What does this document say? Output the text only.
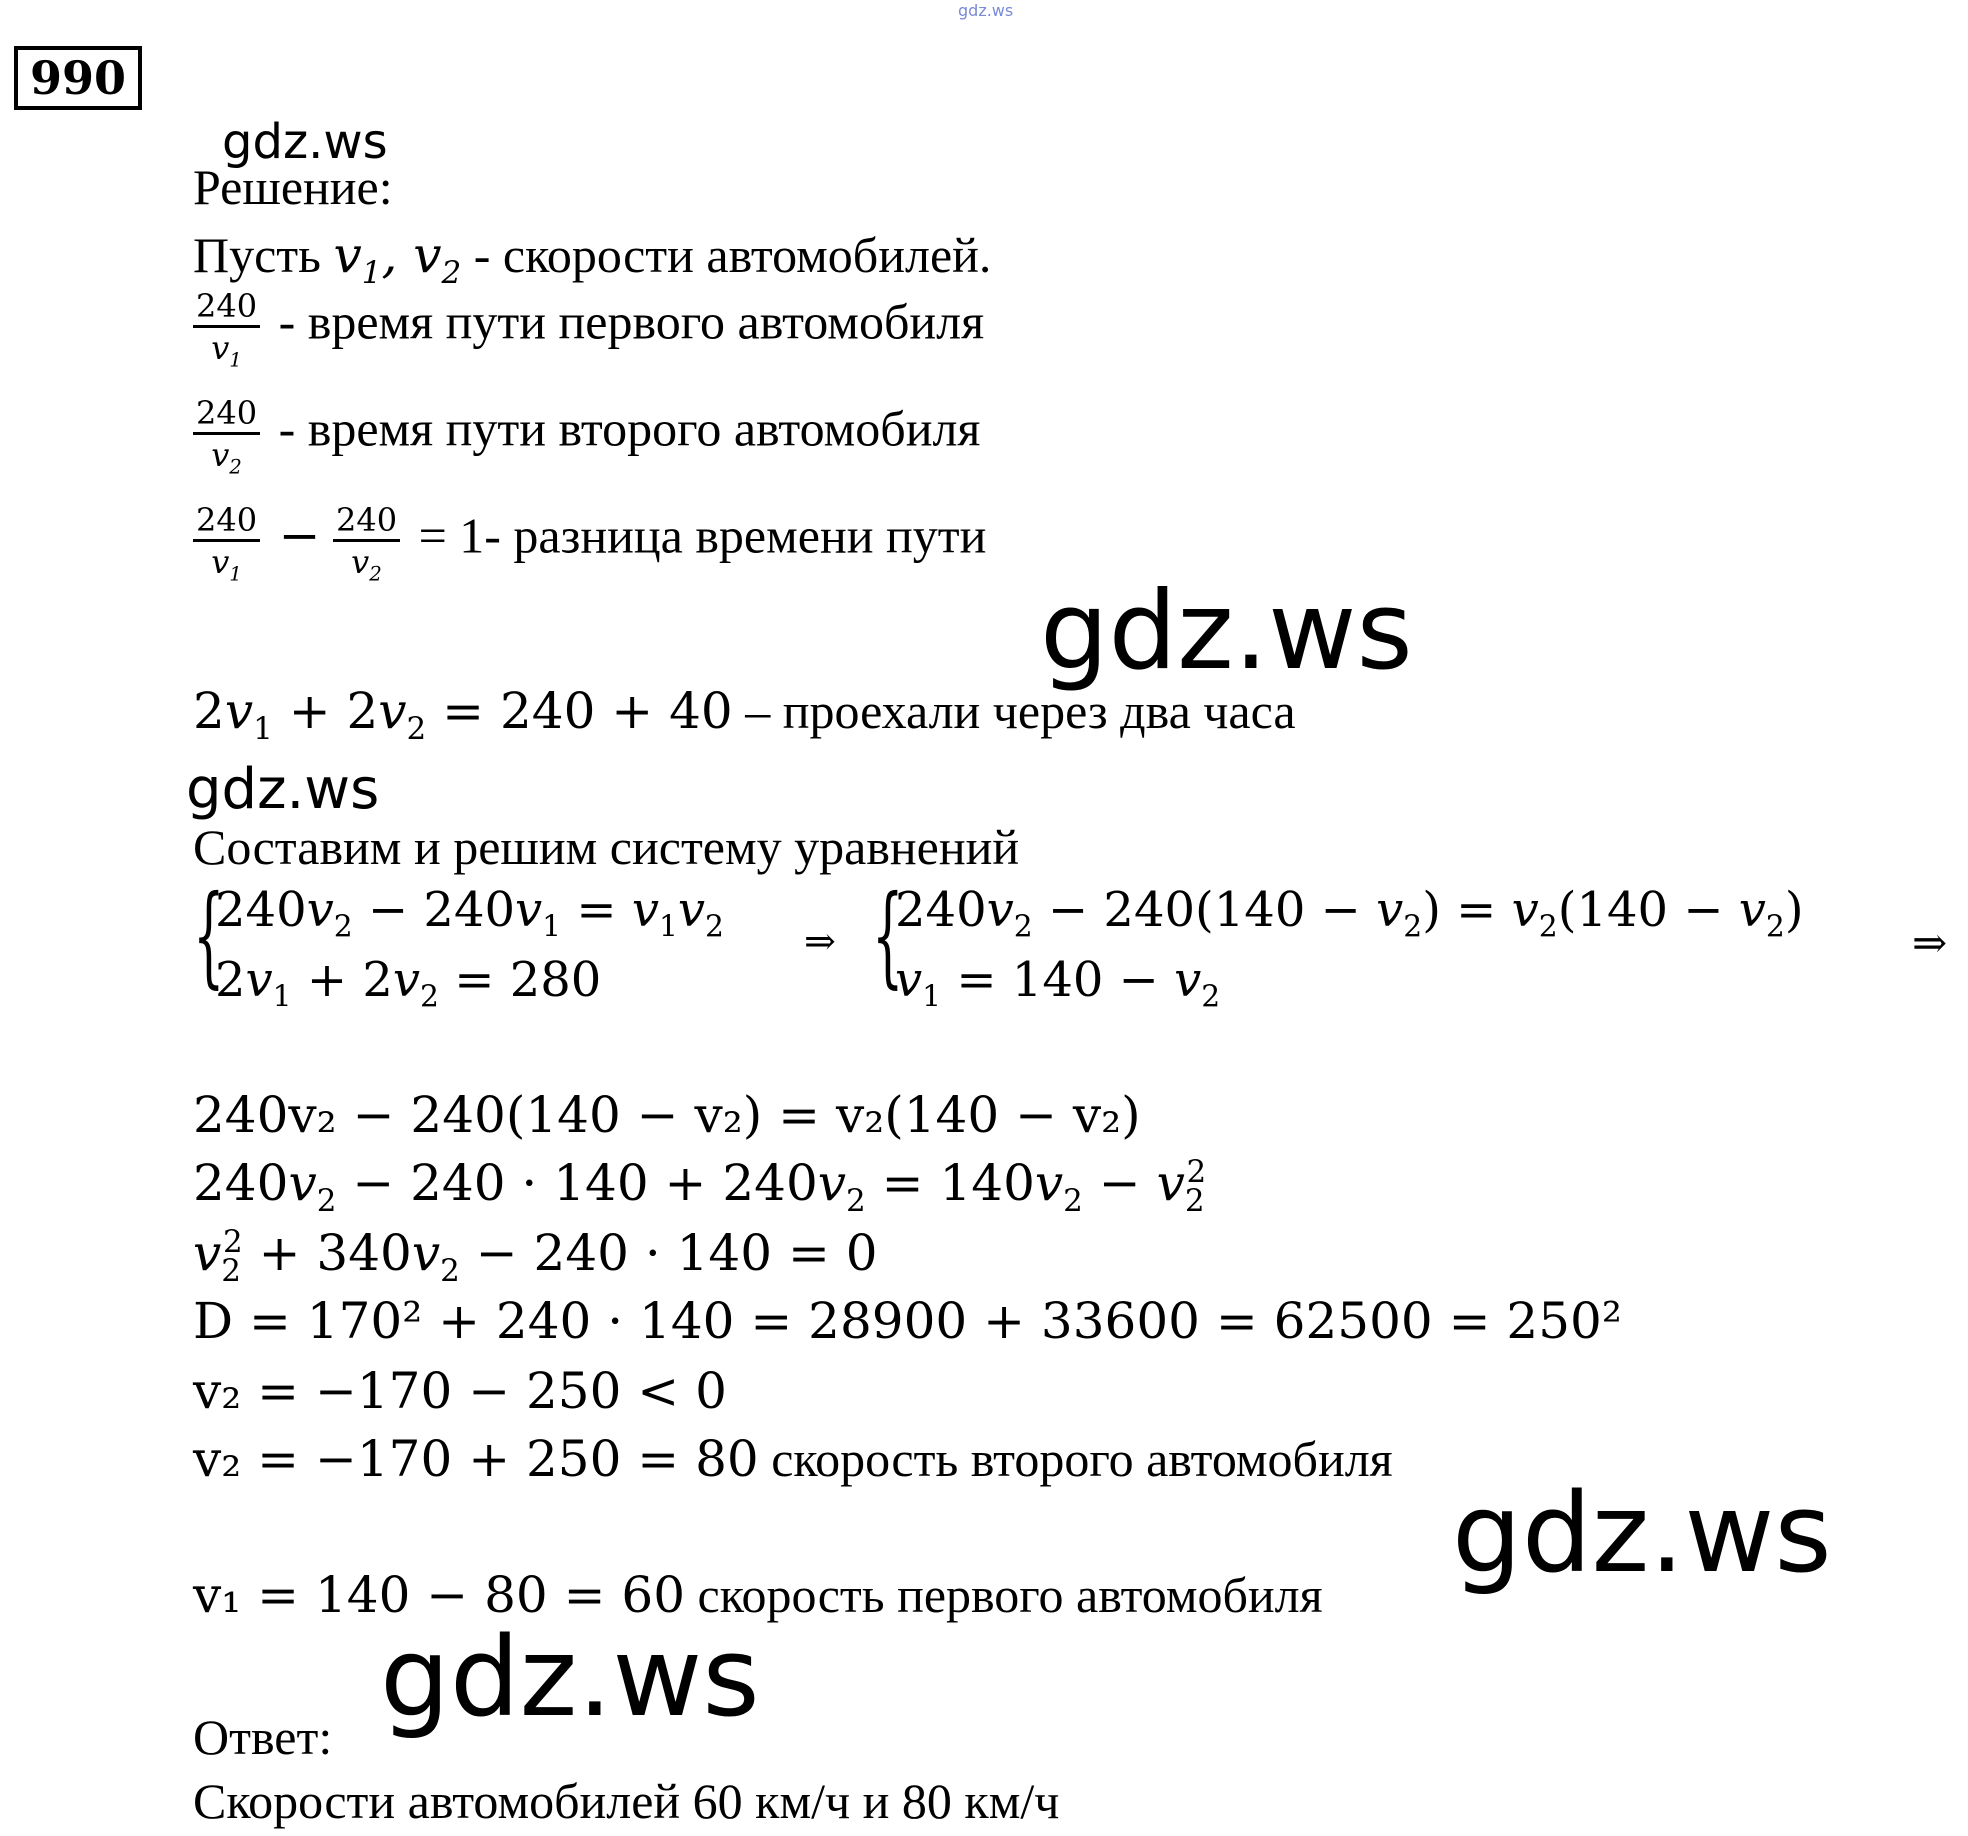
gdz.ws
990
gdz.ws
Решение:
Пусть $v_1$, $v_2$ - скорости автомобилей.
$\frac{240}{v_1}$ - время пути первого автомобиля
$\frac{240}{v_2}$ - время пути второго автомобиля
$\frac{240}{v_1} - \frac{240}{v_2} = 1-$ разница времени пути
gdz.ws
$2v_1 + 2v_2 = 240 + 40$ – проехали через два часа
gdz.ws
Составим и решим систему уравнений
{
$240v_2 - 240v_1 = v_1v_2$
$2v_1 + 2v_2 = 280$
⇒ {
$240v_2 - 240(140 - v_2) = v_2(140 - v_2)$
$v_1 = 140 - v_2$
⇒
240v₂ − 240(140 − v₂) = v₂(140 − v₂)
$240v_2 - 240 \cdot 140 + 240v_2 = 140v_2 - v_2^2$
$v_2^2 + 340v_2 - 240 \cdot 140 = 0$
D = 170² + 240 · 140 = 28900 + 33600 = 62500 = 250²
v₂ = −170 − 250 < 0
v₂ = −170 + 250 = 80 скорость второго автомобиля
gdz.ws
v₁ = 140 − 80 = 60 скорость первого автомобиля
gdz.ws
Ответ:
Скорости автомобилей 60 км/ч и 80 км/ч
